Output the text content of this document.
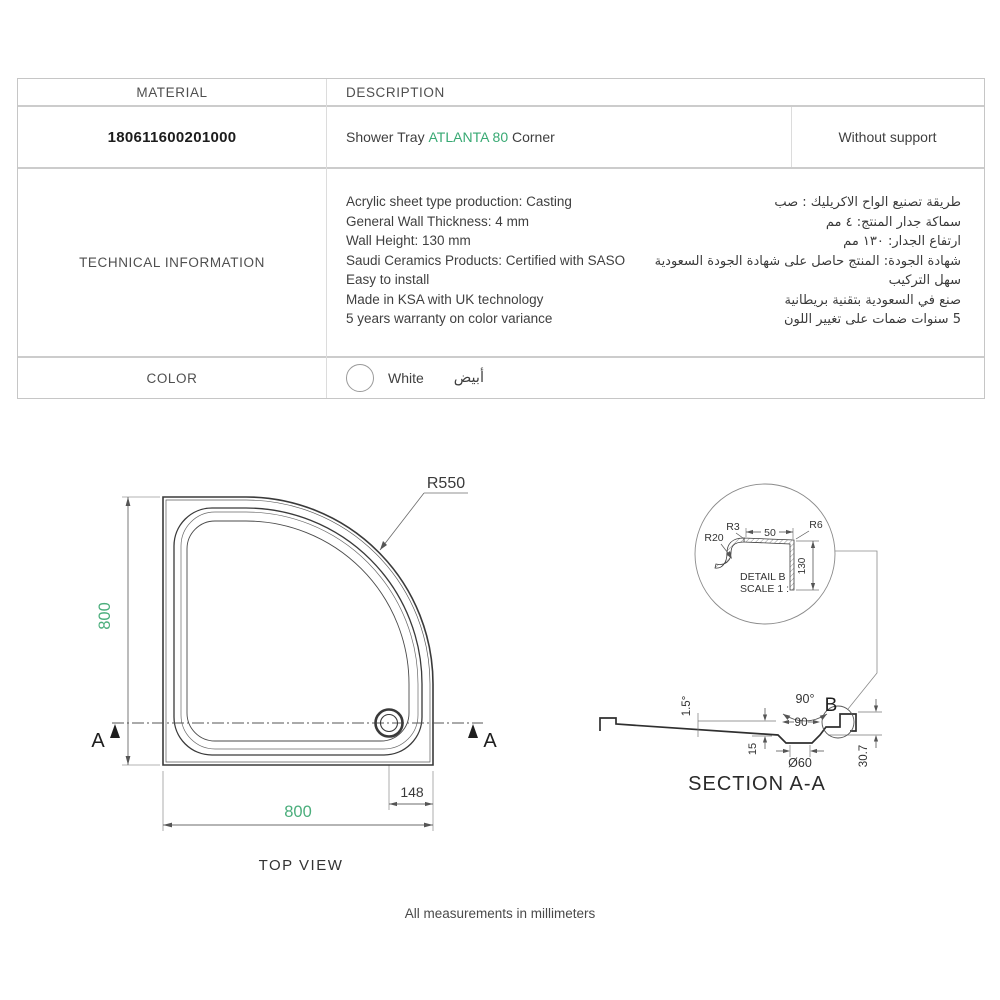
MATERIAL	DESCRIPTION
180611600201000	Shower Tray ATLANTA 80 Corner	Without support
TECHNICAL INFORMATION
Acrylic sheet type production: Casting	طريقة تصنيع الواح الاكريليك : صب
General Wall Thickness: 4 mm	سماكة جدار المنتج: ٤ مم
Wall Height: 130 mm	ارتفاع الجدار: ١٣٠ مم
Saudi Ceramics Products: Certified with SASO شهادة الجودة: المنتج حاصل على شهادة الجودة السعودية
Easy to install	سهل التركيب
Made in KSA with UK technology	صنع في السعودية بتقنية بريطانية
5 years warranty on color variance	5 سنوات ضمات على تغيير اللون
COLOR	White أبيض
A	A
800
800
148
R550
TOP VIEW
R20
R3 50
R6
130
DETAIL B
SCALE 1 :
1.5°
15
90°
90
Ø60	30.7
B
SECTION A-A
All measurements in millimeters
